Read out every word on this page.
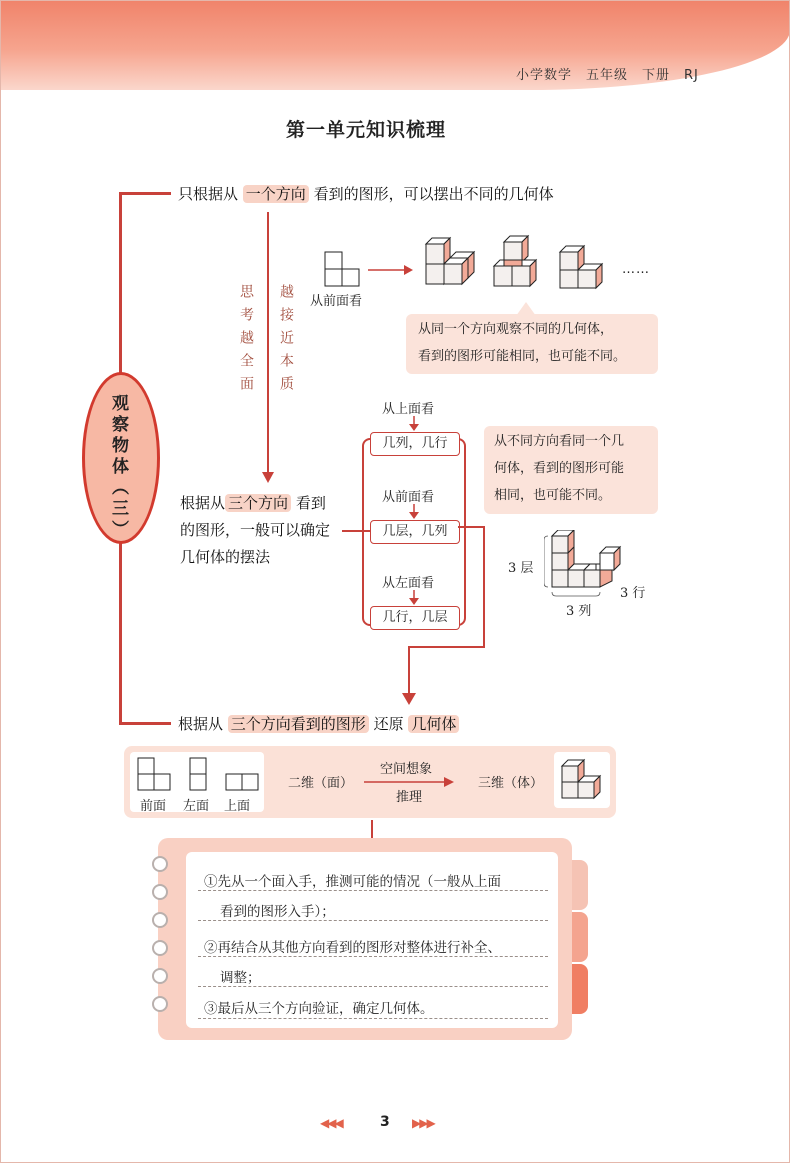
小学数学　五年级　下册　RJ
第一单元知识梳理
观察物体（三）
只根据从 一个方向 看到的图形，可以摆出不同的几何体
思考越全面 越接近本质 从前面看
……
从同一个方向观察不同的几何体，
看到的图形可能相同，也可能不同。
根据从 三个方向 看到
的图形，一般可以确定
几何体的摆法
从上面看
几列，几行
从前面看
几层，几列
从左面看
几行，几层
从不同方向看同一个几
何体，看到的图形可能
相同，也可能不同。
3 层
3 列
3 行
根据从 三个方向看到的图形 还原 几何体
前面 左面 上面
二维（面）
空间想象
推理
三维（体）
①先从一个面入手，推测可能的情况（一般从上面
看到的图形入手）；
②再结合从其他方向看到的图形对整体进行补全、
调整；
③最后从三个方向验证，确定几何体。
◀◀◀	3 ▶▶▶
